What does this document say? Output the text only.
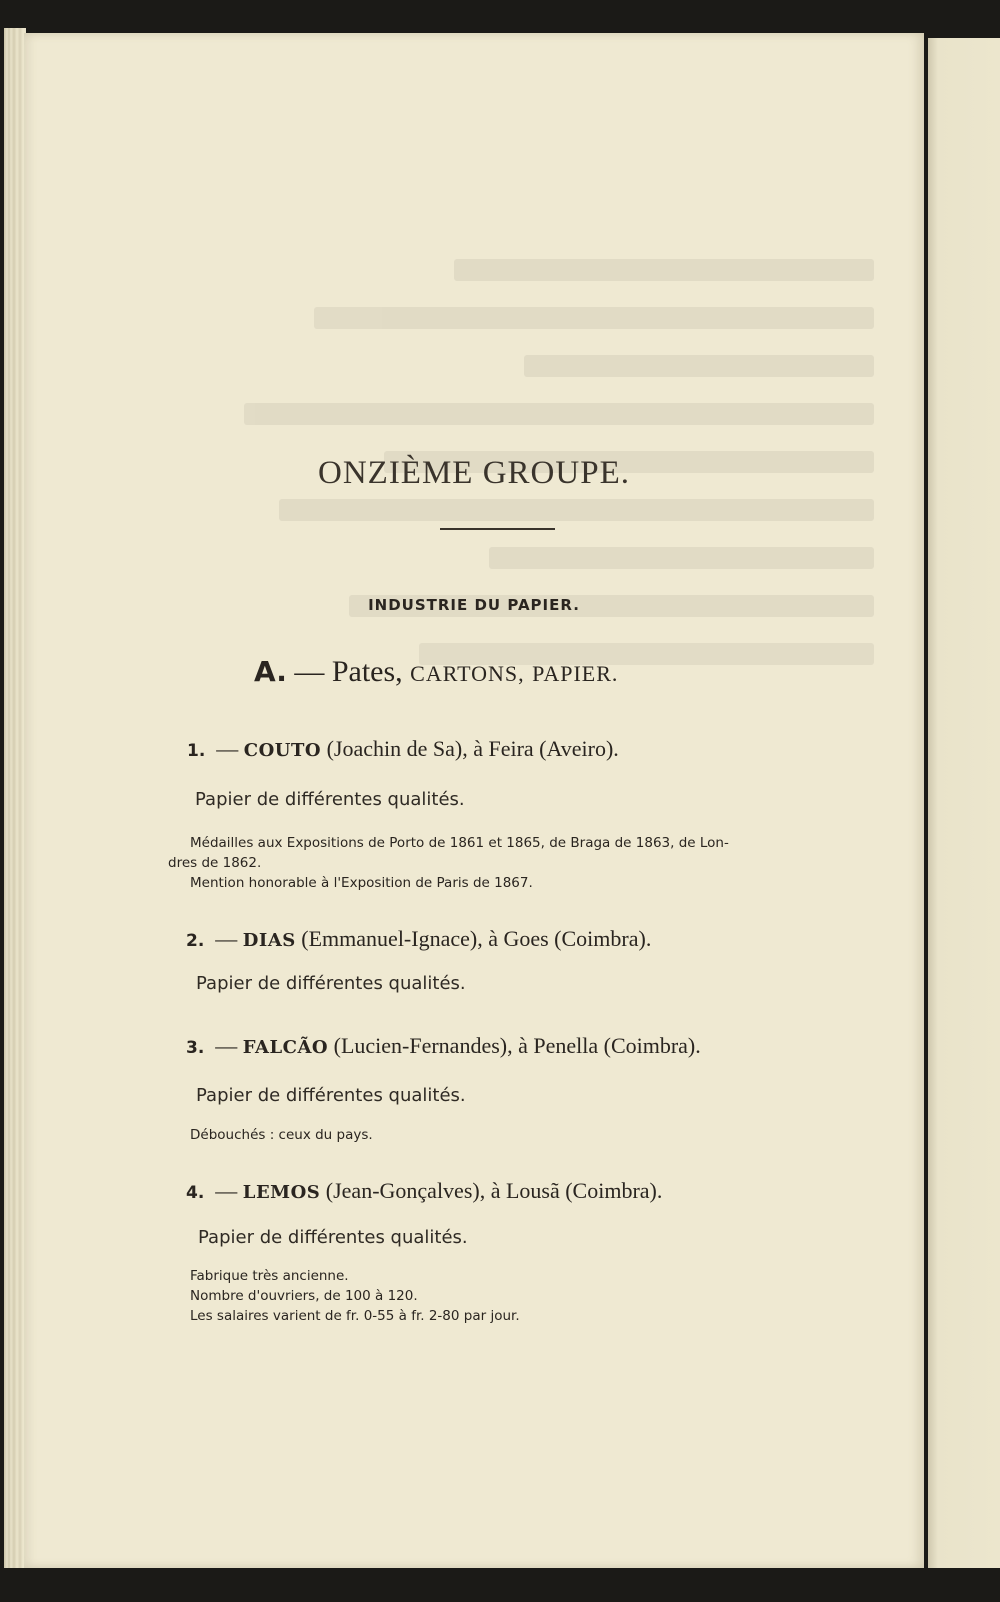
ONZIÈME GROUPE.
INDUSTRIE DU PAPIER.
A. — Pates, CARTONS, PAPIER.
1. — COUTO (Joachin de Sa), à Feira (Aveiro).
Papier de différentes qualités.
Médailles aux Expositions de Porto de 1861 et 1865, de Braga de 1863, de Lon-
dres de 1862.
Mention honorable à l'Exposition de Paris de 1867.
2. — DIAS (Emmanuel-Ignace), à Goes (Coimbra).
Papier de différentes qualités.
3. — FALCÃO (Lucien-Fernandes), à Penella (Coimbra).
Papier de différentes qualités.
Débouchés : ceux du pays.
4. — LEMOS (Jean-Gonçalves), à Lousã (Coimbra).
Papier de différentes qualités.
Fabrique très ancienne.
Nombre d'ouvriers, de 100 à 120.
Les salaires varient de fr. 0-55 à fr. 2-80 par jour.
